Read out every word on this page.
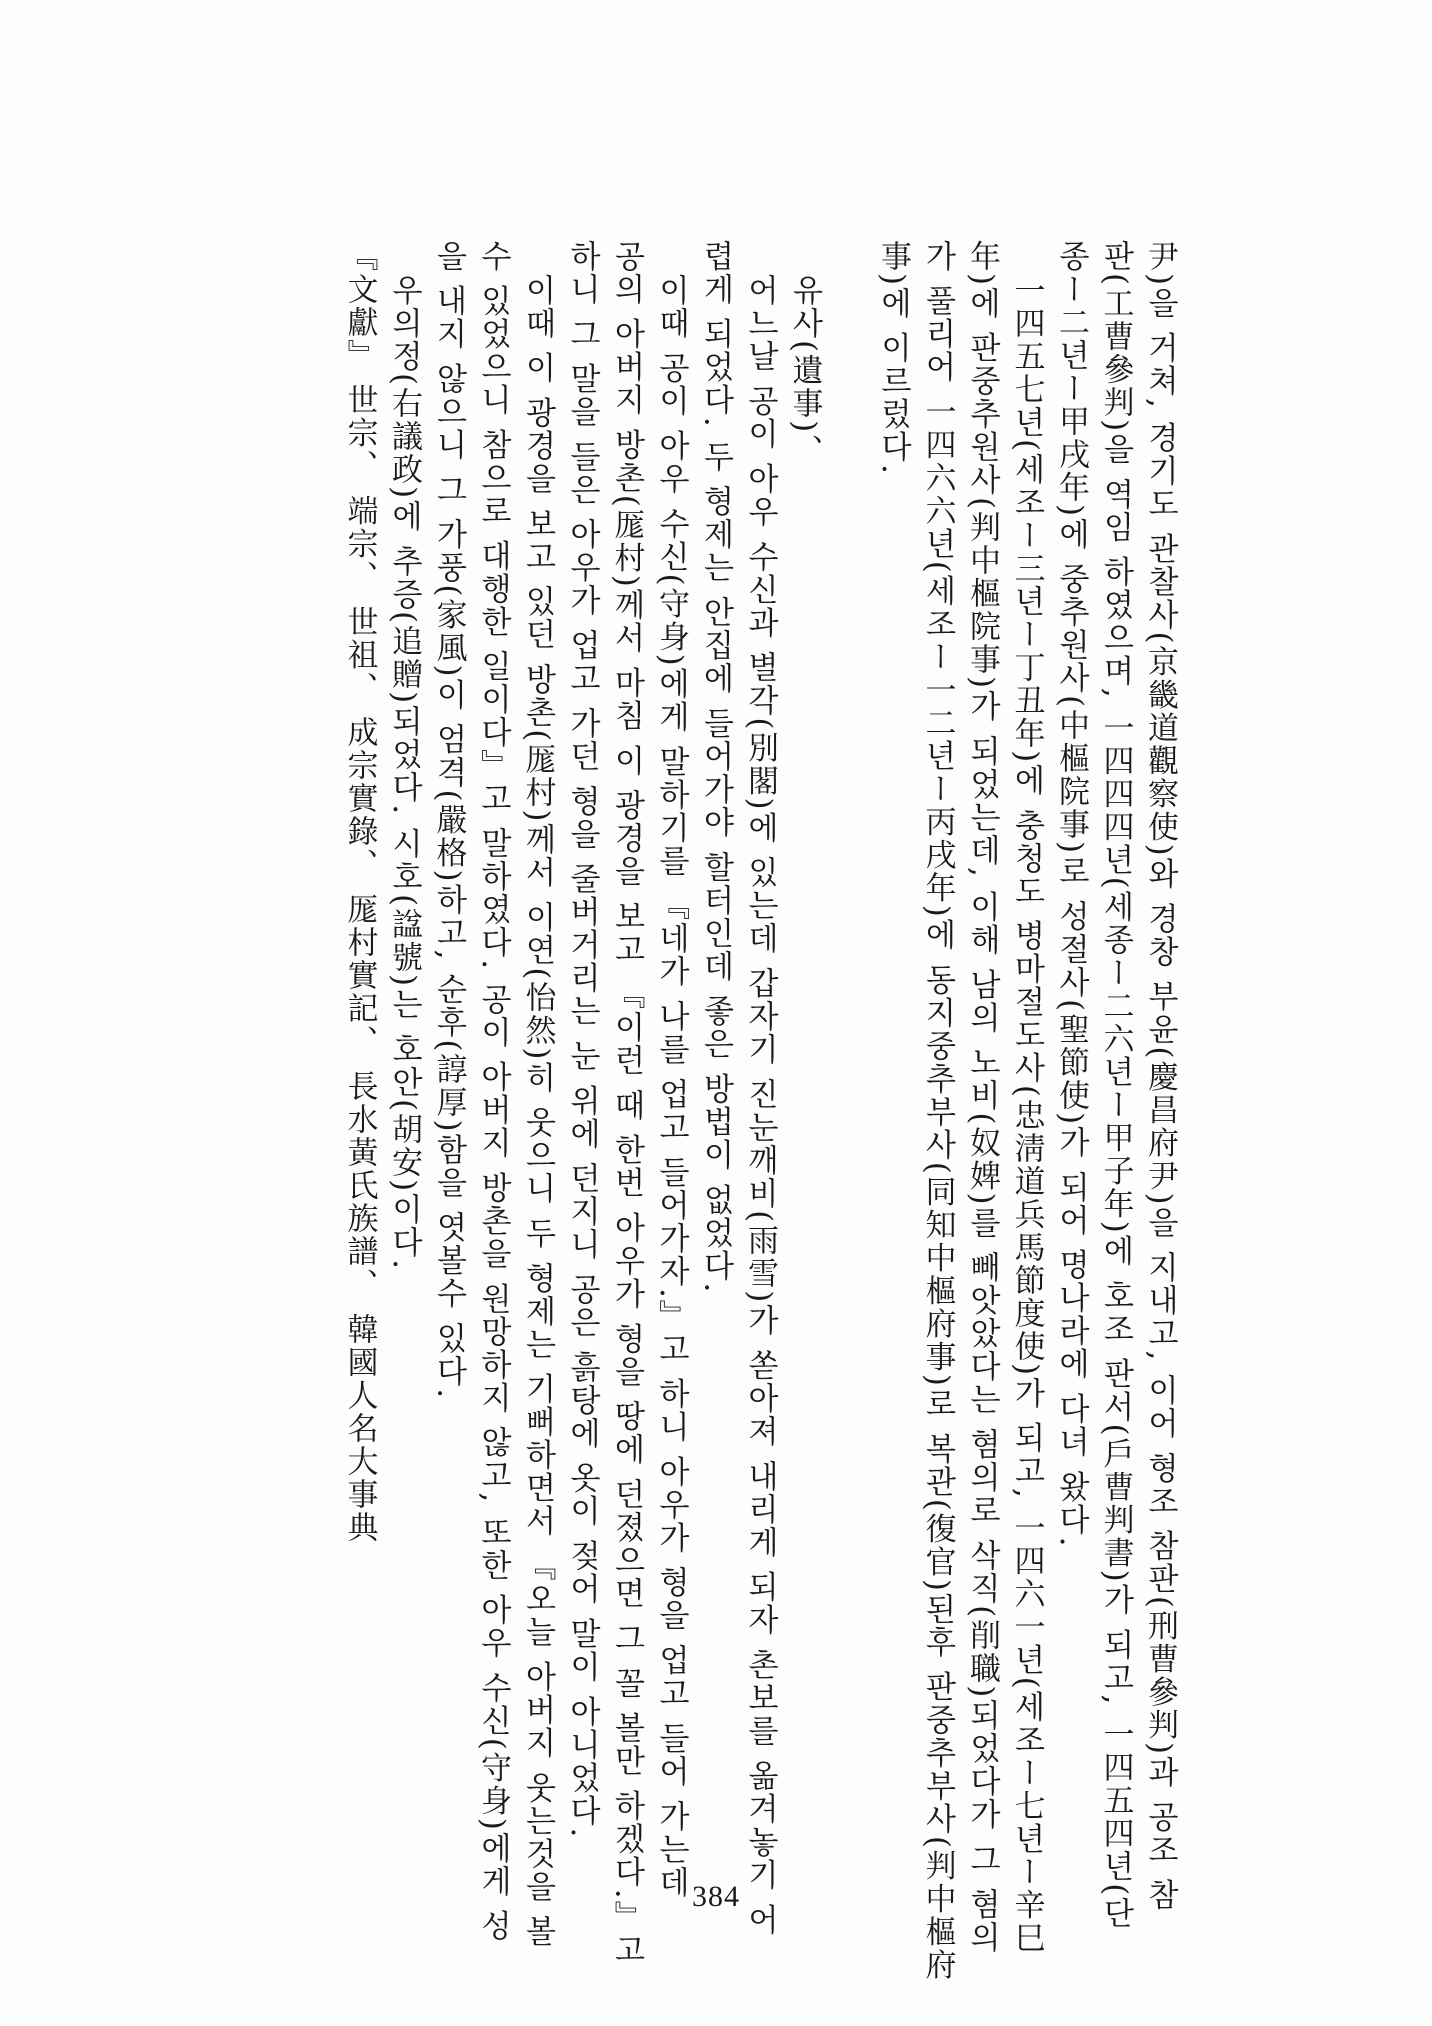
尹)을 거쳐, 경기도 관찰사(京畿道觀察使)와 경창 부윤(慶昌府尹)을 지내고, 이어 형조 참판(刑曹參判)과 공조 참
판(工曹參判)을 역임 하였으며, 一四四四년(세종ー二六년ー甲子年)에 호조 판서(戶曹判書)가 되고, 一四五四년(단
종ー二년ー甲戌年)에 중추원사(中樞院事)로 성절사(聖節使)가 되어 명나라에 다녀 왔다.
一四五七년(세조ー三년ー丁丑年)에 충청도 병마절도사(忠淸道兵馬節度使)가 되고, 一四六一년(세조ー七년ー辛巳
年)에 판중추원사(判中樞院事)가 되었는데, 이해 남의 노비(奴婢)를 빼앗았다는 혐의로 삭직(削職)되었다가 그 혐의
가 풀리어 一四六六년(세조ー一二년ー丙戌年)에 동지중추부사(同知中樞府事)로 복관(復官)된후 판중추부사(判中樞府
事)에 이르렀다.
유사(遺事)、
어느날 공이 아우 수신과 별각(別閣)에 있는데 갑자기 진눈깨비(雨雪)가 쏟아져 내리게 되자 촌보를 옮겨놓기 어
렵게 되었다. 두 형제는 안집에 들어가야 할터인데 좋은 방법이 없었다.
이때 공이 아우 수신(守身)에게 말하기를 『네가 나를 업고 들어가자.』고 하니 아우가 형을 업고 들어 가는데
공의 아버지 방촌(厖村)께서 마침 이 광경을 보고 『이런 때 한번 아우가 형을 땅에 던졌으면 그 꼴 볼만 하겠다.』고
하니 그 말을 들은 아우가 업고 가던 형을 줄버거리는 눈 위에 던지니 공은 흙탕에 옷이 젖어 말이 아니었다.
이때 이 광경을 보고 있던 방촌(厖村)께서 이연(怡然)히 웃으니 두 형제는 기뻐하면서 『오늘 아버지 웃는것을 볼
수 있었으니 참으로 대행한 일이다』고 말하였다. 공이 아버지 방촌을 원망하지 않고, 또한 아우 수신(守身)에게 성
을 내지 않으니 그 가풍(家風)이 엄격(嚴格)하고, 순후(諄厚)함을 엿볼수 있다.
우의정(右議政)에 추증(追贈)되었다. 시호(諡號)는 호안(胡安)이다.
『文獻』 世宗、 端宗、 世祖、 成宗實錄、 厖村實記、 長水黃氏族譜、 韓國人名大事典
384
